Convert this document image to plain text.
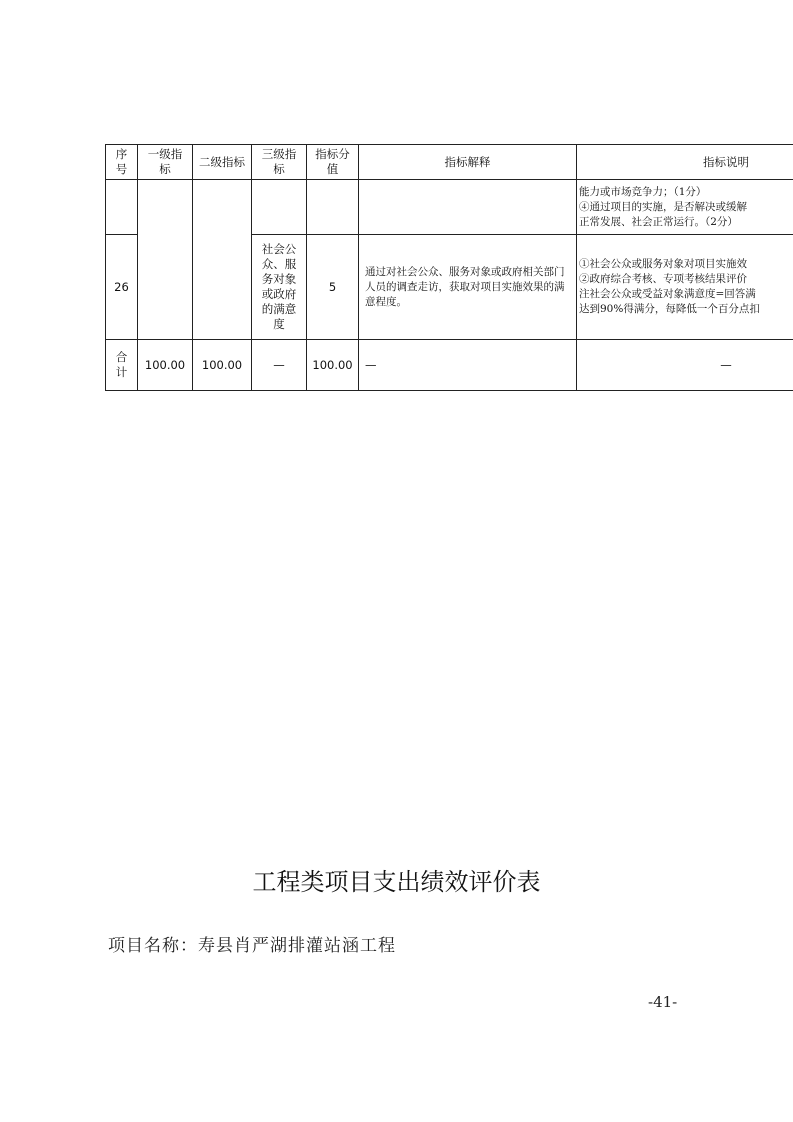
序号	一级指标	二级指标	三级指标	指标分值	指标解释	指标说明

						能力或市场竞争力；（1分）
④通过项目的实施，是否解决或缓解
正常发展、社会正常运行。（2分）

26			社会公众、服务对象或政府的满意度	5	通过对社会公众、服务对象或政府相关部门人员的调查走访，获取对项目实施效果的满意程度。	①社会公众或服务对象对项目实施效
②政府综合考核、专项考核结果评价
注社会公众或受益对象满意度=回答满
达到90%得满分，每降低一个百分点扣

合计	100.00	100.00	—	100.00	—	—
工程类项目支出绩效评价表
项目名称：寿县肖严湖排灌站涵工程
-41-
